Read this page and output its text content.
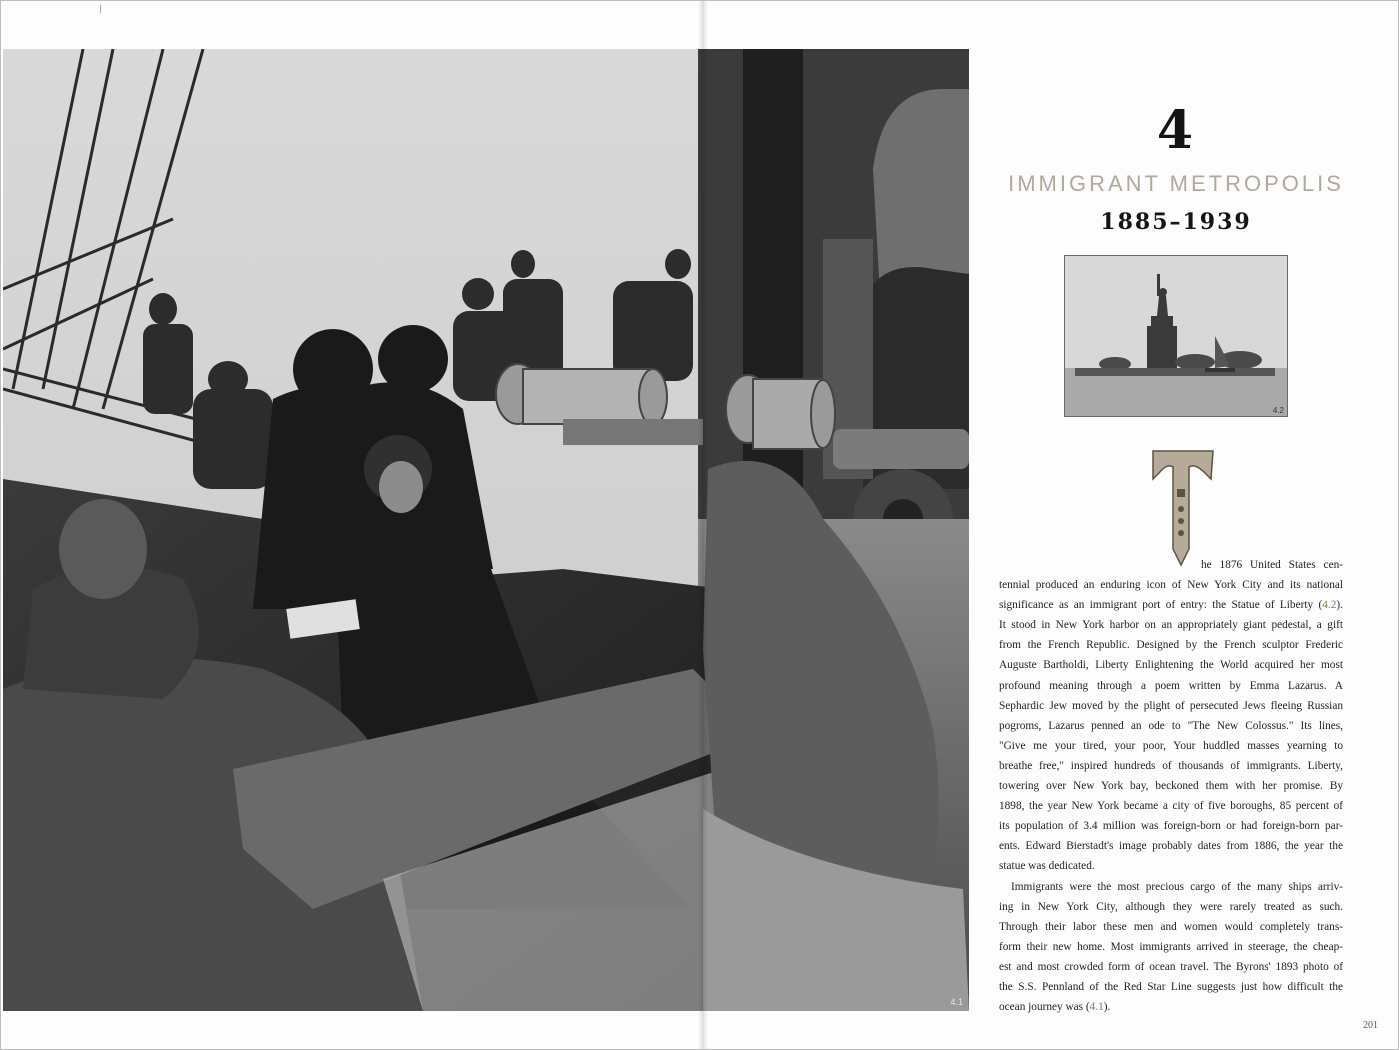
4.1
4
IMMIGRANT METROPOLIS
1885–1939
4.2
he 1876 United States cen-
tennial produced an enduring icon of New York City and its national
significance as an immigrant port of entry: the Statue of Liberty (4.2).
It stood in New York harbor on an appropriately giant pedestal, a gift
from the French Republic. Designed by the French sculptor Frederic
Auguste Bartholdi, Liberty Enlightening the World acquired her most
profound meaning through a poem written by Emma Lazarus. A
Sephardic Jew moved by the plight of persecuted Jews fleeing Russian
pogroms, Lazarus penned an ode to "The New Colossus." Its lines,
"Give me your tired, your poor, Your huddled masses yearning to
breathe free," inspired hundreds of thousands of immigrants. Liberty,
towering over New York bay, beckoned them with her promise. By
1898, the year New York became a city of five boroughs, 85 percent of
its population of 3.4 million was foreign-born or had foreign-born par-
ents. Edward Bierstadt's image probably dates from 1886, the year the
statue was dedicated.
Immigrants were the most precious cargo of the many ships arriv-
ing in New York City, although they were rarely treated as such.
Through their labor these men and women would completely trans-
form their new home. Most immigrants arrived in steerage, the cheap-
est and most crowded form of ocean travel. The Byrons' 1893 photo of
the S.S. Pennland of the Red Star Line suggests just how difficult the
ocean journey was (4.1).
201
